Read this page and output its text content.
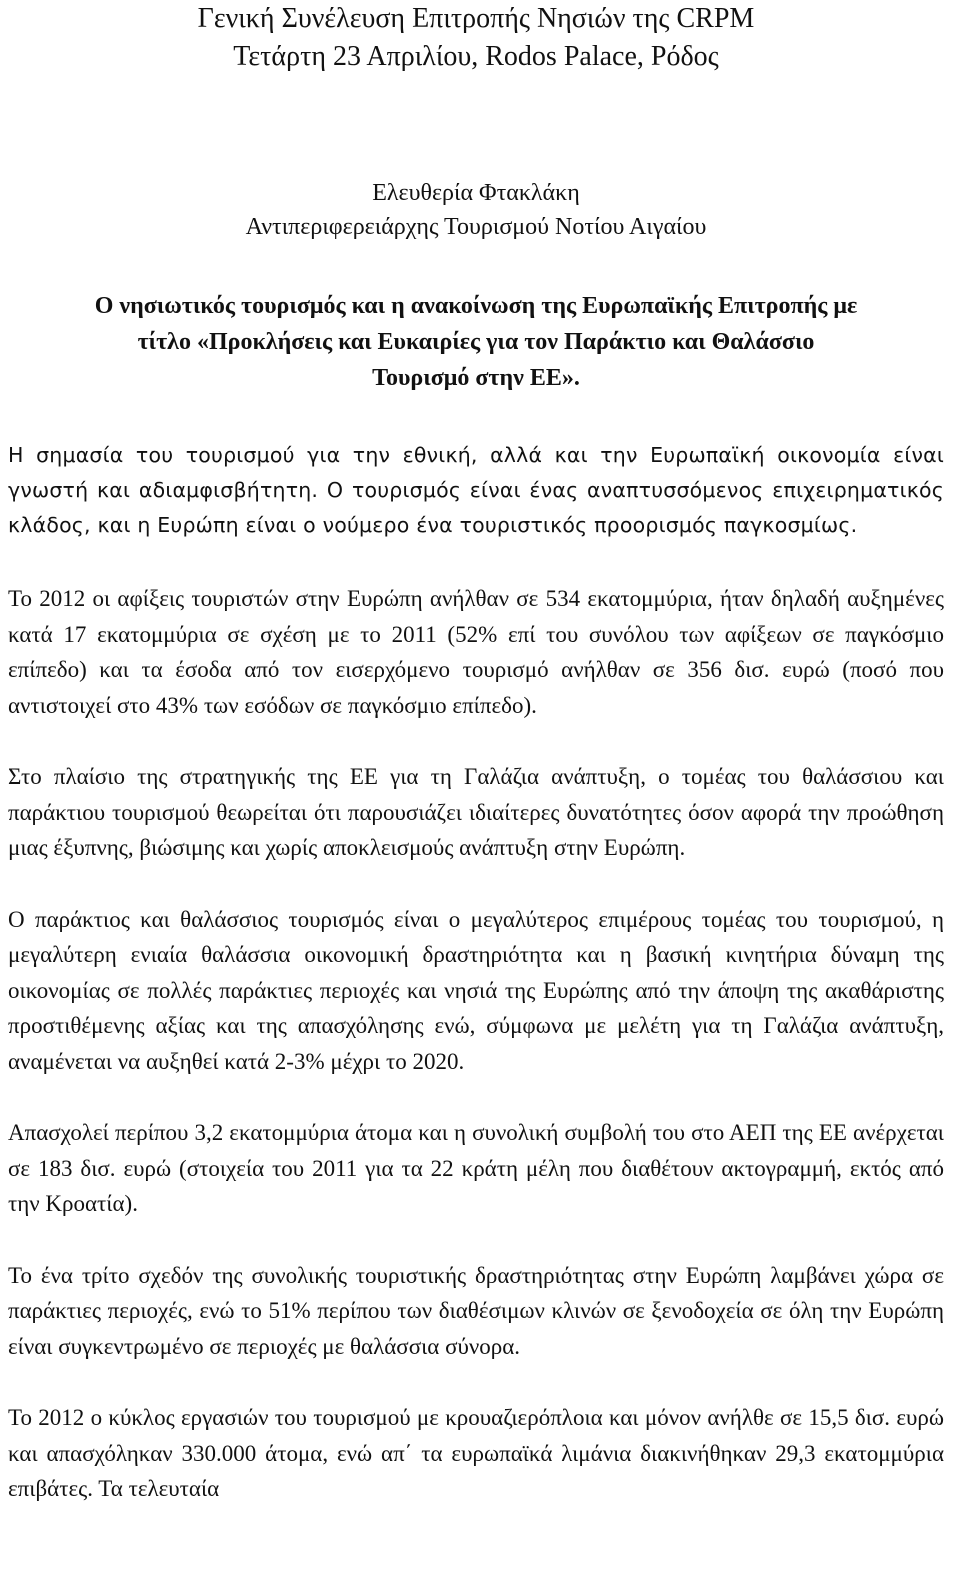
Γενική Συνέλευση Επιτροπής Νησιών της CRPM
Τετάρτη 23 Απριλίου, Rodos Palace, Ρόδος
Ελευθερία Φτακλάκη
Αντιπεριφερειάρχης Τουρισμού Νοτίου Αιγαίου
Ο νησιωτικός τουρισμός και η ανακοίνωση της Ευρωπαϊκής Επιτροπής με
τίτλο «Προκλήσεις και Ευκαιρίες για τον Παράκτιο και Θαλάσσιο
Τουρισμό στην ΕΕ».

Η σημασία του τουρισμού για την εθνική, αλλά και την Ευρωπαϊκή οικονομία είναι γνωστή και αδιαμφισβήτητη. Ο τουρισμός είναι ένας αναπτυσσόμενος επιχειρηματικός κλάδος, και η Ευρώπη είναι ο νούμερο ένα τουριστικός προορισμός παγκοσμίως.

Το 2012 οι αφίξεις τουριστών στην Ευρώπη ανήλθαν σε 534 εκατομμύρια, ήταν δηλαδή αυξημένες κατά 17 εκατομμύρια σε σχέση με το 2011 (52% επί του συνόλου των αφίξεων σε παγκόσμιο επίπεδο) και τα έσοδα από τον εισερχόμενο τουρισμό ανήλθαν σε 356 δισ. ευρώ (ποσό που αντιστοιχεί στο 43% των εσόδων σε παγκόσμιο επίπεδο).

Στο πλαίσιο της στρατηγικής της ΕΕ για τη Γαλάζια ανάπτυξη, ο τομέας του θαλάσσιου και παράκτιου τουρισμού θεωρείται ότι παρουσιάζει ιδιαίτερες δυνατότητες όσον αφορά την προώθηση μιας έξυπνης, βιώσιμης και χωρίς αποκλεισμούς ανάπτυξη στην Ευρώπη.

Ο παράκτιος και θαλάσσιος τουρισμός είναι ο μεγαλύτερος επιμέρους τομέας του τουρισμού, η μεγαλύτερη ενιαία θαλάσσια οικονομική δραστηριότητα και η βασική κινητήρια δύναμη της οικονομίας σε πολλές παράκτιες περιοχές και νησιά της Ευρώπης από την άποψη της ακαθάριστης προστιθέμενης αξίας και της απασχόλησης ενώ, σύμφωνα με μελέτη για τη Γαλάζια ανάπτυξη, αναμένεται να αυξηθεί κατά 2-3% μέχρι το 2020.

Απασχολεί περίπου 3,2 εκατομμύρια άτομα και η συνολική συμβολή του στο ΑΕΠ της ΕΕ ανέρχεται σε 183 δισ. ευρώ (στοιχεία του 2011 για τα 22 κράτη μέλη που διαθέτουν ακτογραμμή, εκτός από την Κροατία).

Το ένα τρίτο σχεδόν της συνολικής τουριστικής δραστηριότητας στην Ευρώπη λαμβάνει χώρα σε παράκτιες περιοχές, ενώ το 51% περίπου των διαθέσιμων κλινών σε ξενοδοχεία σε όλη την Ευρώπη είναι συγκεντρωμένο σε περιοχές με θαλάσσια σύνορα.

Το 2012 ο κύκλος εργασιών του τουρισμού με κρουαζιερόπλοια και μόνον ανήλθε σε 15,5 δισ. ευρώ και απασχόληκαν 330.000 άτομα, ενώ απ΄ τα ευρωπαϊκά λιμάνια διακινήθηκαν 29,3 εκατομμύρια επιβάτες. Τα τελευταία
